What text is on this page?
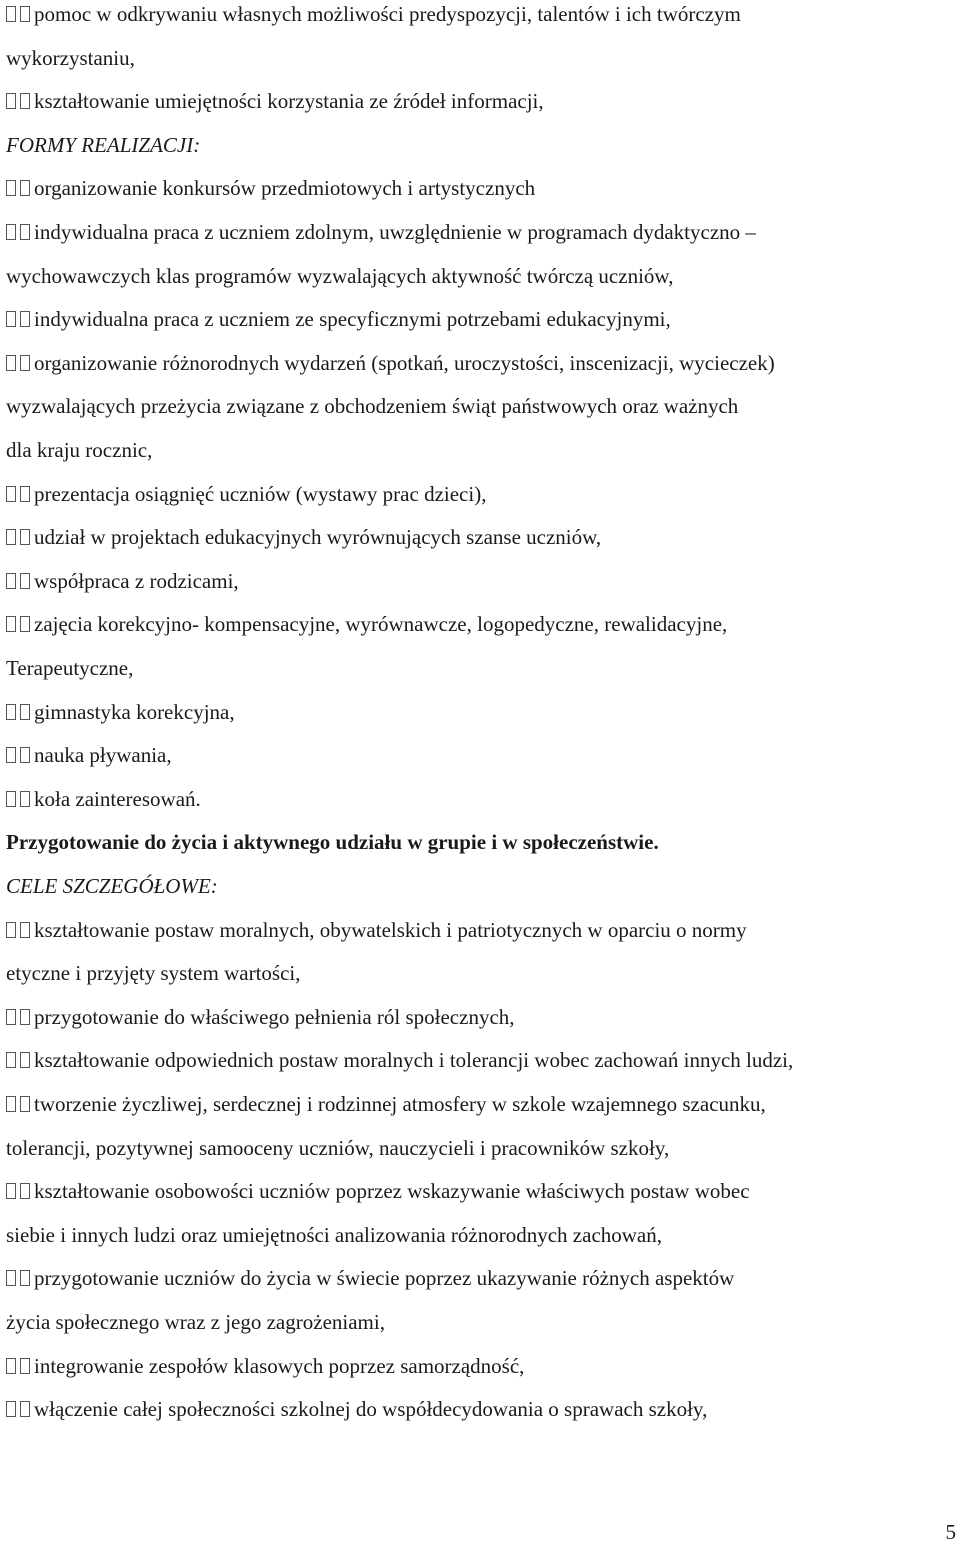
pomoc w odkrywaniu własnych możliwości predyspozycji, talentów i ich twórczym
wykorzystaniu,
kształtowanie umiejętności korzystania ze źródeł informacji,
FORMY REALIZACJI:
organizowanie konkursów przedmiotowych i artystycznych
indywidualna praca z uczniem zdolnym, uwzględnienie w programach dydaktyczno –
wychowawczych klas programów wyzwalających aktywność twórczą uczniów,
indywidualna praca z uczniem ze specyficznymi potrzebami edukacyjnymi,
organizowanie różnorodnych wydarzeń (spotkań, uroczystości, inscenizacji, wycieczek)
wyzwalających przeżycia związane z obchodzeniem świąt państwowych oraz ważnych
dla kraju rocznic,
prezentacja osiągnięć uczniów (wystawy prac dzieci),
udział w projektach edukacyjnych wyrównujących szanse uczniów,
współpraca z rodzicami,
zajęcia korekcyjno- kompensacyjne, wyrównawcze, logopedyczne, rewalidacyjne,
Terapeutyczne,
gimnastyka korekcyjna,
nauka pływania,
koła zainteresowań.
Przygotowanie do życia i aktywnego udziału w grupie i w społeczeństwie.
CELE SZCZEGÓŁOWE:
kształtowanie postaw moralnych, obywatelskich i patriotycznych w oparciu o normy
etyczne i przyjęty system wartości,
przygotowanie do właściwego pełnienia ról społecznych,
kształtowanie odpowiednich postaw moralnych i tolerancji wobec zachowań innych ludzi,
tworzenie życzliwej, serdecznej i rodzinnej atmosfery w szkole wzajemnego szacunku,
tolerancji, pozytywnej samooceny uczniów, nauczycieli i pracowników szkoły,
kształtowanie osobowości uczniów poprzez wskazywanie właściwych postaw wobec
siebie i innych ludzi oraz umiejętności analizowania różnorodnych zachowań,
przygotowanie uczniów do życia w świecie poprzez ukazywanie różnych aspektów
życia społecznego wraz z jego zagrożeniami,
integrowanie zespołów klasowych poprzez samorządność,
włączenie całej społeczności szkolnej do współdecydowania o sprawach szkoły,
5
